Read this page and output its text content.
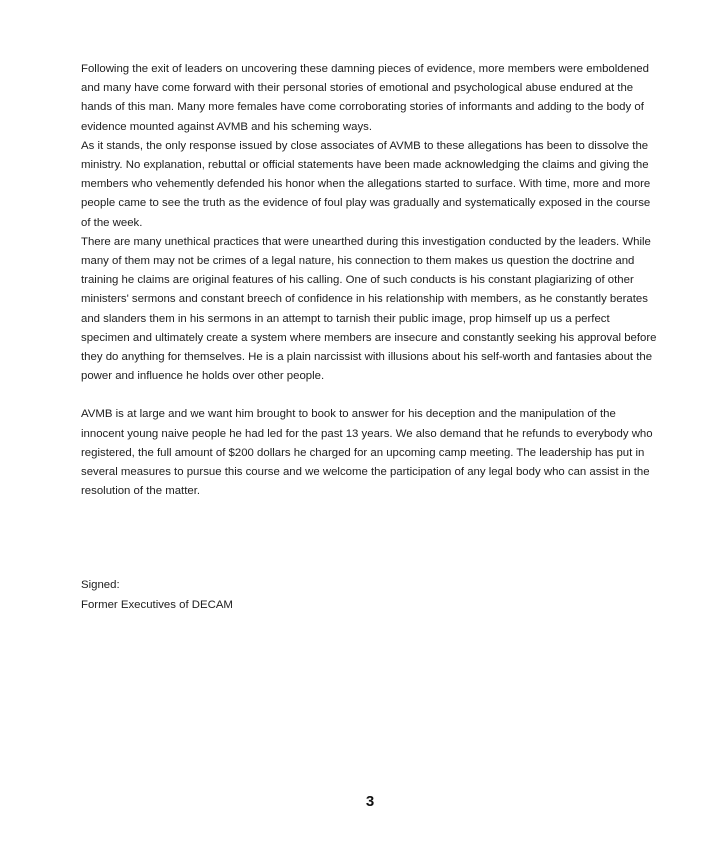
Following the exit of leaders on uncovering these damning pieces of evidence, more members were emboldened and many have come forward with their personal stories of emotional and psychological abuse endured at the hands of this man. Many more females have come corroborating stories of informants and adding to the body of evidence mounted against AVMB and his scheming ways.

As it stands, the only response issued by close associates of AVMB to these allegations has been to dissolve the ministry. No explanation, rebuttal or official statements have been made acknowledging the claims and giving the members who vehemently defended his honor when the allegations started to surface. With time, more and more people came to see the truth as the evidence of foul play was gradually and systematically exposed in the course of the week.

There are many unethical practices that were unearthed during this investigation conducted by the leaders. While many of them may not be crimes of a legal nature, his connection to them makes us question the doctrine and training he claims are original features of his calling. One of such conducts is his constant plagiarizing of other ministers' sermons and constant breech of confidence in his relationship with members, as he constantly berates and slanders them in his sermons in an attempt to tarnish their public image, prop himself up us a perfect specimen and ultimately create a system where members are insecure and constantly seeking his approval before they do anything for themselves. He is a plain narcissist with illusions about his self-worth and fantasies about the power and influence he holds over other people.

AVMB is at large and we want him brought to book to answer for his deception and the manipulation of the innocent young naive people he had led for the past 13 years. We also demand that he refunds to everybody who registered, the full amount of $200 dollars he charged for an upcoming camp meeting. The leadership has put in several measures to pursue this course and we welcome the participation of any legal body who can assist in the resolution of the matter.

Signed:
Former Executives of DECAM
3
